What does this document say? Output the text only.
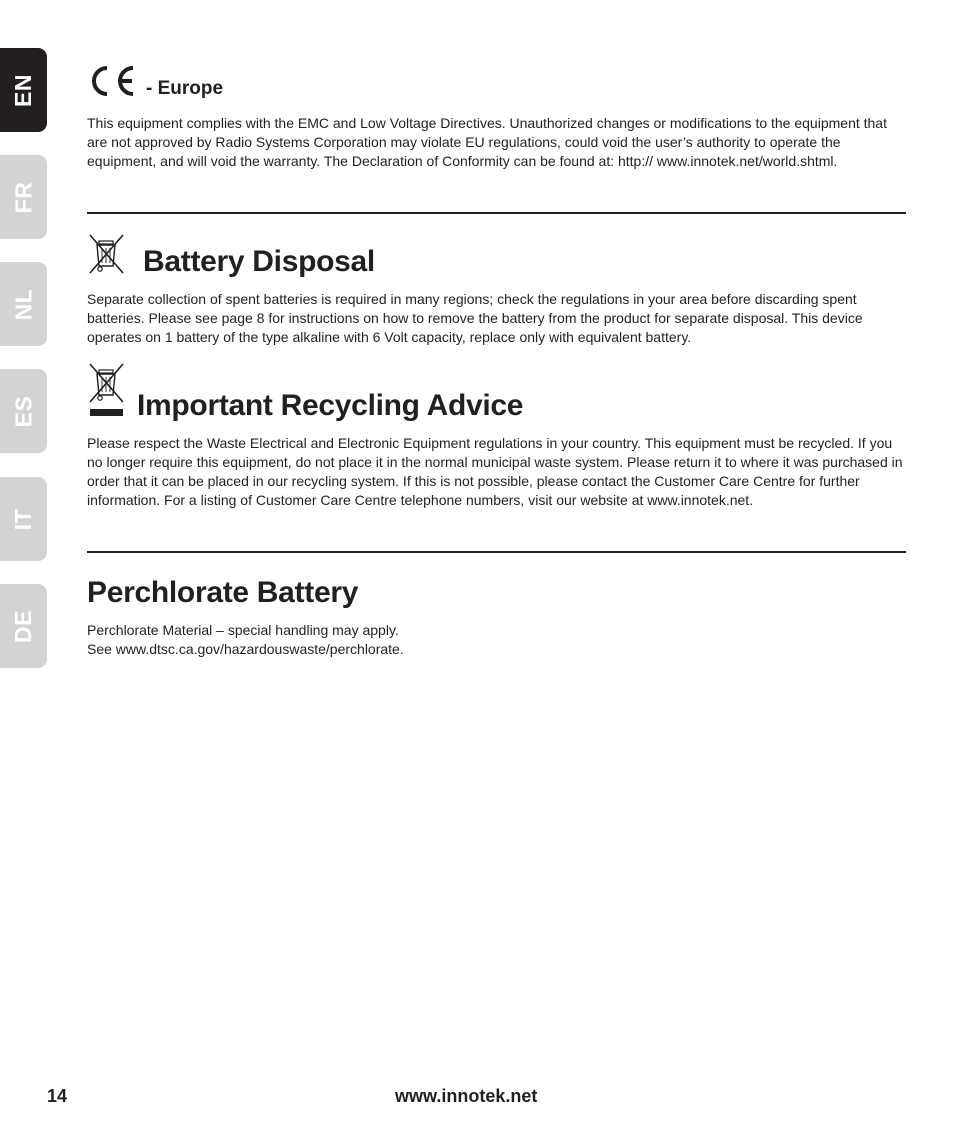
EN
FR
NL
ES
IT
DE
- Europe
This equipment complies with the EMC and Low Voltage Directives. Unauthorized changes or modifications to the equipment that are not approved by Radio Systems Corporation may violate EU regulations, could void the user’s authority to operate the equipment, and will void the warranty. The Declaration of Conformity can be found at: http:// www.innotek.net/world.shtml.
Battery Disposal
Separate collection of spent batteries is required in many regions; check the regulations in your area before discarding spent batteries. Please see page 8 for instructions on how to remove the battery from the product for separate disposal. This device operates on 1 battery of the type alkaline with 6 Volt capacity, replace only with equivalent battery.
Important Recycling Advice
Please respect the Waste Electrical and Electronic Equipment regulations in your country. This equipment must be recycled. If you no longer require this equipment, do not place it in the normal municipal waste system. Please return it to where it was purchased in order that it can be placed in our recycling system. If this is not possible, please contact the Customer Care Centre for further information. For a listing of Customer Care Centre telephone numbers, visit our website at www.innotek.net.
Perchlorate Battery
Perchlorate Material – special handling may apply.
See www.dtsc.ca.gov/hazardouswaste/perchlorate.
14	www.innotek.net
